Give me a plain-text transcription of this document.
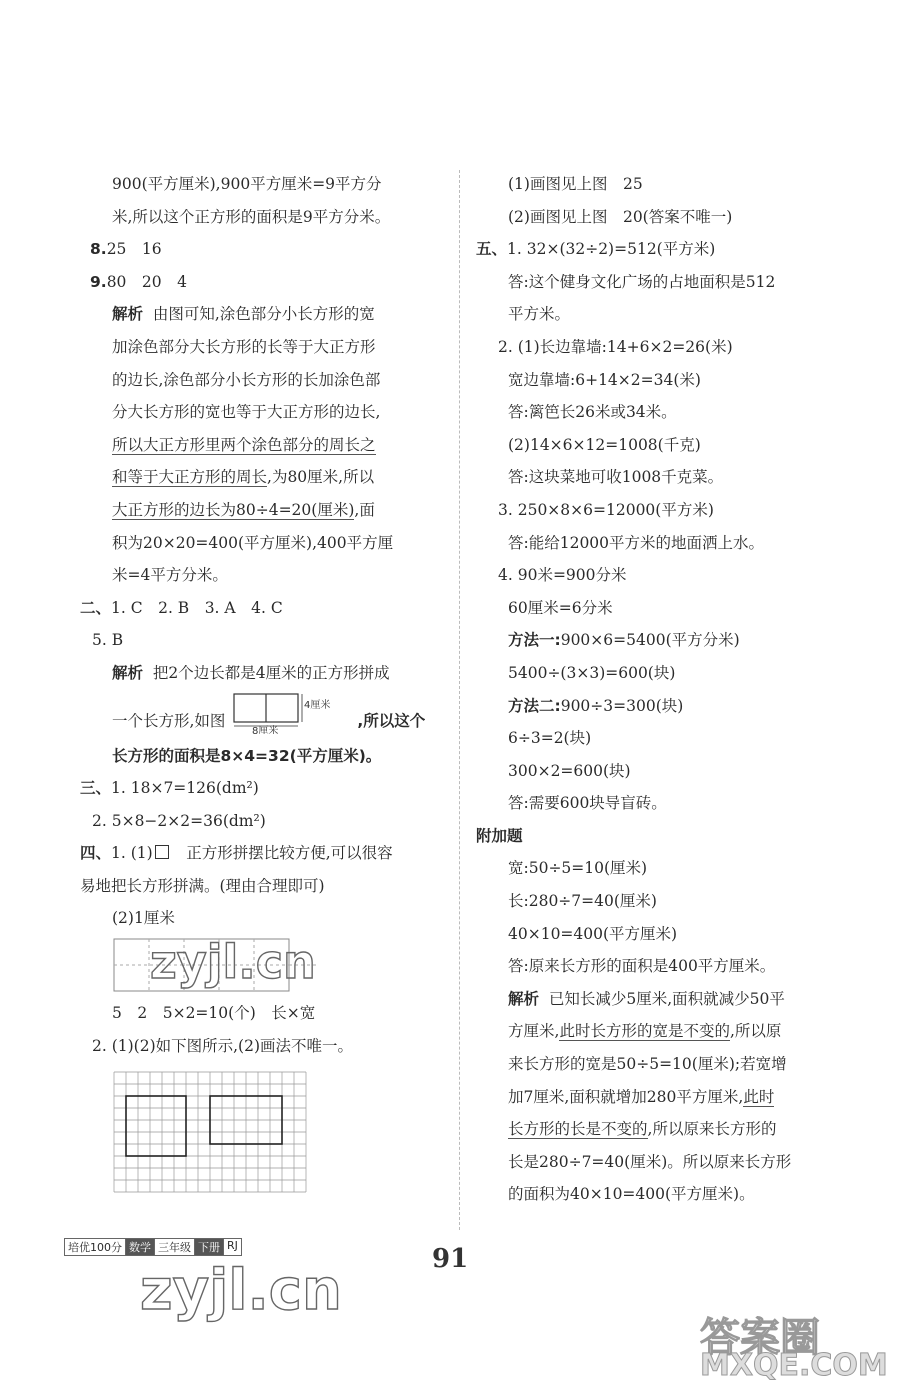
900(平方厘米),900平方厘米=9平方分
米,所以这个正方形的面积是9平方分米。
8.25　16
9.80　20　4
解析 由图可知,涂色部分小长方形的宽
加涂色部分大长方形的长等于大正方形
的边长,涂色部分小长方形的长加涂色部
分大长方形的宽也等于大正方形的边长,
所以大正方形里两个涂色部分的周长之
和等于大正方形的周长,为80厘米,所以
大正方形的边长为80÷4=20(厘米),面
积为20×20=400(平方厘米),400平方厘
米=4平方分米。
二、1. C　2. B　3. A　4. C
5. B
解析 把2个边长都是4厘米的正方形拼成
一个长方形,如图
4厘米
8厘米
,所以这个
长方形的面积是8×4=32(平方厘米)。
三、1. 18×7=126(dm²)
2. 5×8−2×2=36(dm²)
四、1. (1)　正方形拼摆比较方便,可以很容
易地把长方形拼满。(理由合理即可)
(2)1厘米
5　2　5×2=10(个)　长×宽
2. (1)(2)如下图所示,(2)画法不唯一。
(1)画图见上图　25
(2)画图见上图　20(答案不唯一)
五、1. 32×(32÷2)=512(平方米)
答:这个健身文化广场的占地面积是512
平方米。
2. (1)长边靠墙:14+6×2=26(米)
宽边靠墙:6+14×2=34(米)
答:篱笆长26米或34米。
(2)14×6×12=1008(千克)
答:这块菜地可收1008千克菜。
3. 250×8×6=12000(平方米)
答:能给12000平方米的地面洒上水。
4. 90米=900分米
60厘米=6分米
方法一:900×6=5400(平方分米)
5400÷(3×3)=600(块)
方法二:900÷3=300(块)
6÷3=2(块)
300×2=600(块)
答:需要600块导盲砖。
附加题
宽:50÷5=10(厘米)
长:280÷7=40(厘米)
40×10=400(平方厘米)
答:原来长方形的面积是400平方厘米。
解析 已知长减少5厘米,面积就减少50平
方厘米,此时长方形的宽是不变的,所以原
来长方形的宽是50÷5=10(厘米);若宽增
加7厘米,面积就增加280平方厘米,此时
长方形的长是不变的,所以原来长方形的
长是280÷7=40(厘米)。所以原来长方形
的面积为40×10=400(平方厘米)。
zyjl.cn
zyjl.cn
答案圈
MXQE.COM
培优100分 数学 三年级 下册 RJ	91
